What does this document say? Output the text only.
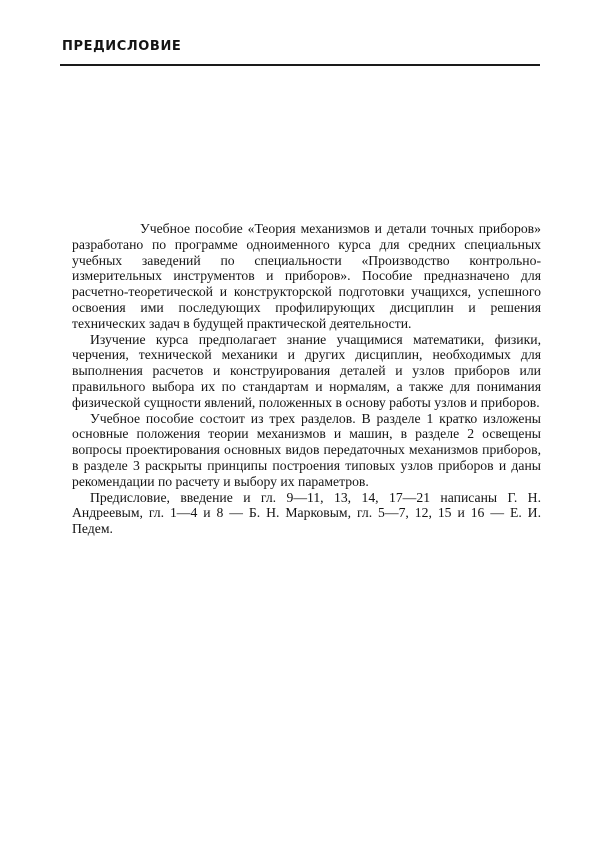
ПРЕДИСЛОВИЕ

Учебное пособие «Теория механизмов и детали точных приборов» разработано по программе одноименного курса для средних специальных учебных заведений по специальности «Производство контрольно-измерительных инструментов и приборов». Пособие предназначено для расчетно-теоретической и конструкторской подготовки учащихся, успешного освоения ими последующих профилирующих дисциплин и решения технических задач в будущей практической деятельности.

Изучение курса предполагает знание учащимися математики, физики, черчения, технической механики и других дисциплин, необходимых для выполнения расчетов и конструирования деталей и узлов приборов или правильного выбора их по стандартам и нормалям, а также для понимания физической сущности явлений, положенных в основу работы узлов и приборов.

Учебное пособие состоит из трех разделов. В разделе 1 кратко изложены основные положения теории механизмов и машин, в разделе 2 освещены вопросы проектирования основных видов передаточных механизмов приборов, в разделе 3 раскрыты принципы построения типовых узлов приборов и даны рекомендации по расчету и выбору их параметров.

Предисловие, введение и гл. 9—11, 13, 14, 17—21 написаны Г. Н. Андреевым, гл. 1—4 и 8 — Б. Н. Марковым, гл. 5—7, 12, 15 и 16 — Е. И. Педем.
